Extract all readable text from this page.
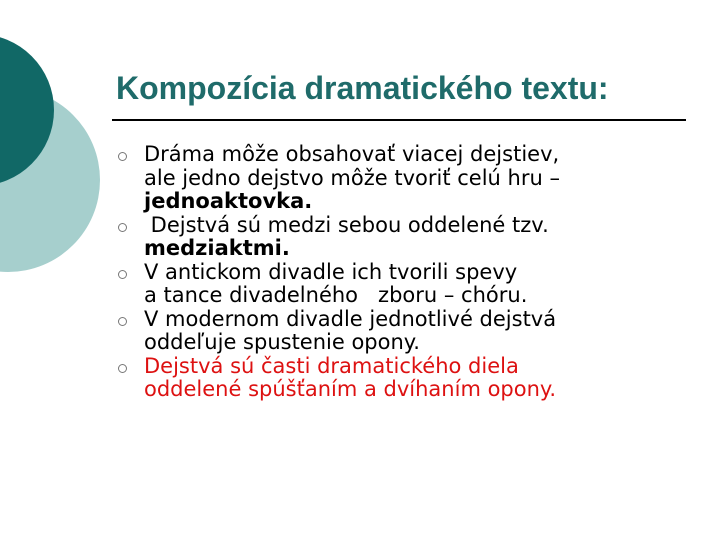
Kompozícia dramatického textu:
Dráma môže obsahovať viacej dejstiev,
ale jedno dejstvo môže tvoriť celú hru –
jednoaktovka.
Dejstvá sú medzi sebou oddelené tzv.
medziaktmi.
V antickom divadle ich tvorili spevy
a tance divadelného   zboru – chóru.
V modernom divadle jednotlivé dejstvá
oddeľuje spustenie opony.
Dejstvá sú časti dramatického diela
oddelené spúšťaním a dvíhaním opony.
